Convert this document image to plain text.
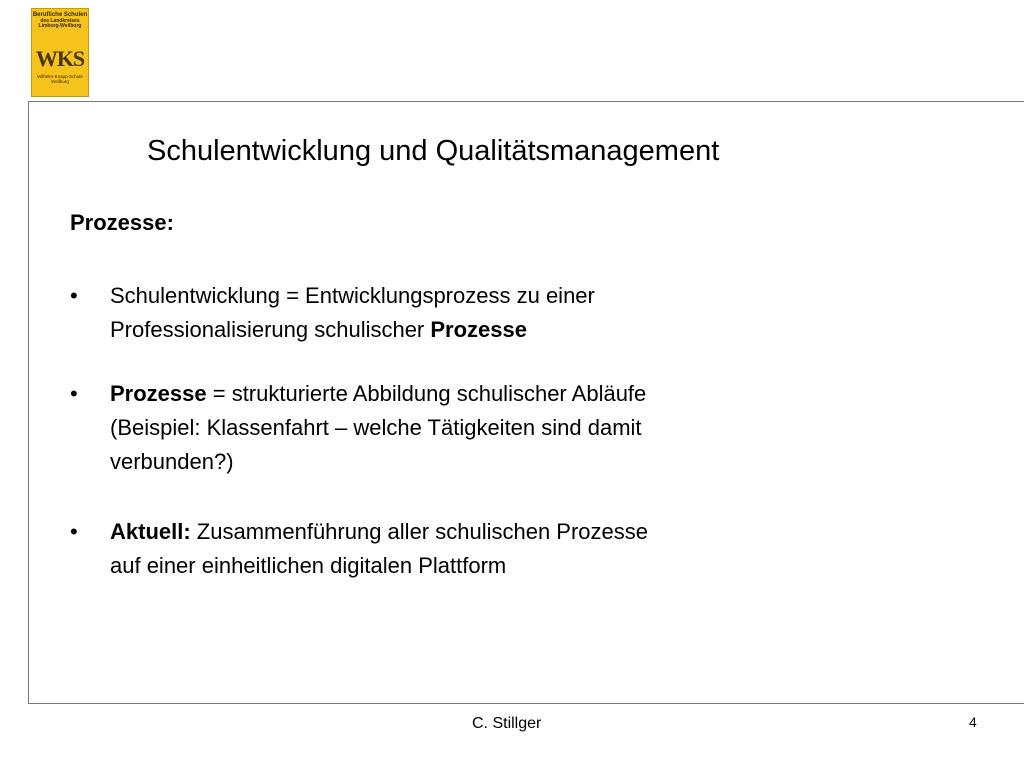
Berufliche Schulen
des Landkreises
Limburg-Weilburg
WKS
Wilhelm-Knapp-Schule
Weilburg
Schulentwicklung und Qualitätsmanagement
Prozesse:
• Schulentwicklung = Entwicklungsprozess zu einer
Professionalisierung schulischer Prozesse
• Prozesse = strukturierte Abbildung schulischer Abläufe
(Beispiel: Klassenfahrt – welche Tätigkeiten sind damit
verbunden?)
• Aktuell: Zusammenführung aller schulischen Prozesse
auf einer einheitlichen digitalen Plattform
C. Stillger	4
